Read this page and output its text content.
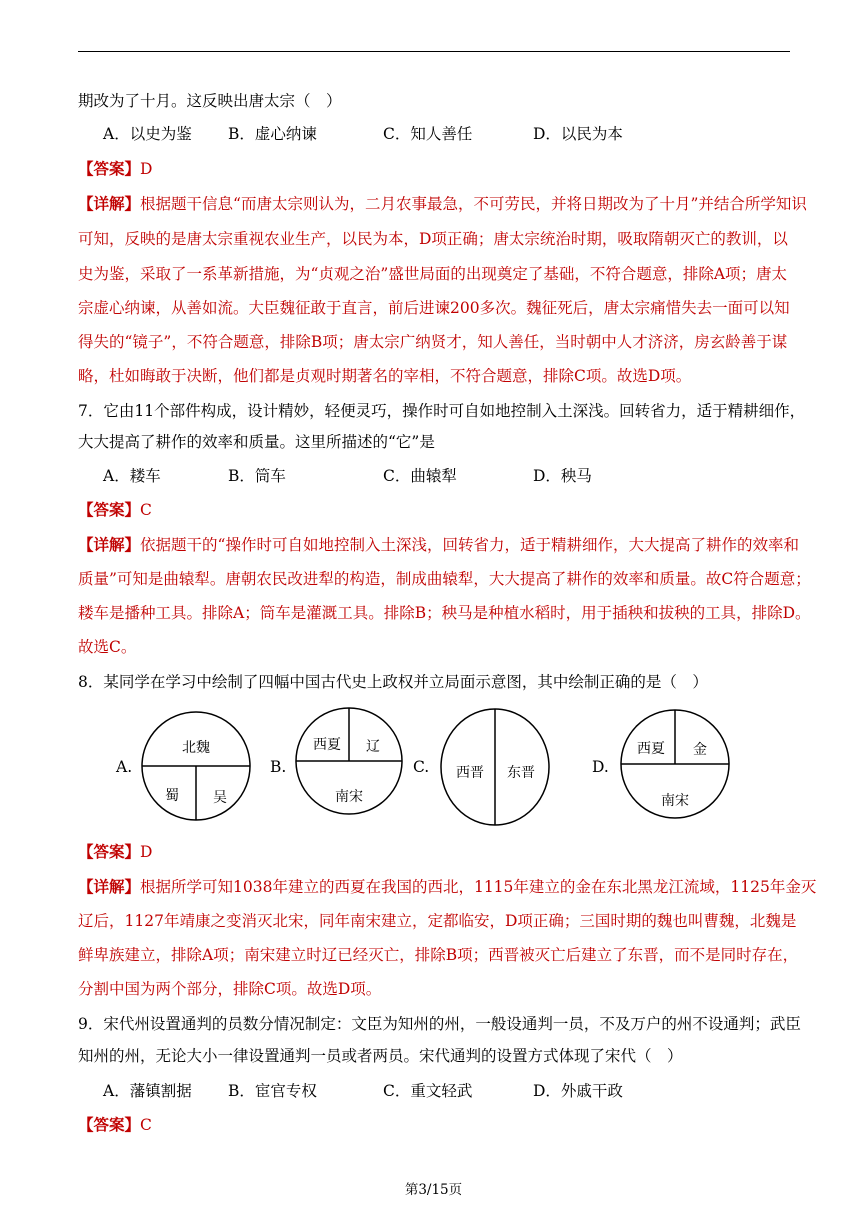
期改为了十月。这反映出唐太宗（　）
A．以史为鉴 B．虚心纳谏	C．知人善任	D．以民为本
【答案】D
【详解】根据题干信息“而唐太宗则认为，二月农事最急，不可劳民，并将日期改为了十月”并结合所学知识
可知，反映的是唐太宗重视农业生产，以民为本，D项正确；唐太宗统治时期，吸取隋朝灭亡的教训，以
史为鉴，采取了一系革新措施，为“贞观之治”盛世局面的出现奠定了基础，不符合题意，排除A项；唐太
宗虚心纳谏，从善如流。大臣魏征敢于直言，前后进谏200多次。魏征死后，唐太宗痛惜失去一面可以知
得失的“镜子”，不符合题意，排除B项；唐太宗广纳贤才，知人善任，当时朝中人才济济，房玄龄善于谋
略，杜如晦敢于决断，他们都是贞观时期著名的宰相，不符合题意，排除C项。故选D项。
7．它由11个部件构成，设计精妙，轻便灵巧，操作时可自如地控制入土深浅。回转省力，适于精耕细作，
大大提高了耕作的效率和质量。这里所描述的“它”是
A．耧车	B．筒车	C．曲辕犁	D．秧马
【答案】C
【详解】依据题干的“操作时可自如地控制入土深浅，回转省力，适于精耕细作，大大提高了耕作的效率和
质量”可知是曲辕犁。唐朝农民改进犁的构造，制成曲辕犁，大大提高了耕作的效率和质量。故C符合题意；
耧车是播种工具。排除A；筒车是灌溉工具。排除B；秧马是种植水稻时，用于插秧和拔秧的工具，排除D。
故选C。
8．某同学在学习中绘制了四幅中国古代史上政权并立局面示意图，其中绘制正确的是（　）
A.	B.	C.	D.
北魏
蜀 吴
西夏 辽
南宋
西晋 东晋
西夏 金
南宋
【答案】D
【详解】根据所学可知1038年建立的西夏在我国的西北，1115年建立的金在东北黑龙江流域，1125年金灭
辽后，1127年靖康之变消灭北宋，同年南宋建立，定都临安，D项正确；三国时期的魏也叫曹魏，北魏是
鲜卑族建立，排除A项；南宋建立时辽已经灭亡，排除B项；西晋被灭亡后建立了东晋，而不是同时存在，
分割中国为两个部分，排除C项。故选D项。
9．宋代州设置通判的员数分情况制定：文臣为知州的州，一般设通判一员，不及万户的州不设通判；武臣
知州的州，无论大小一律设置通判一员或者两员。宋代通判的设置方式体现了宋代（　）
A．藩镇割据 B．宦官专权	C．重文轻武	D．外戚干政
【答案】C
第3/15页
